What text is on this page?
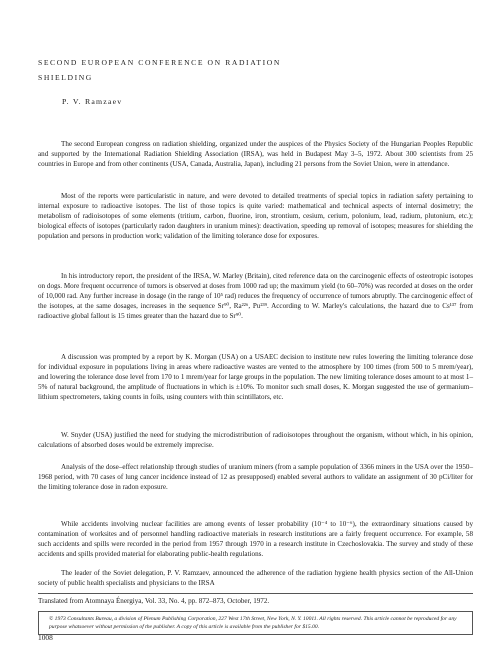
SECOND EUROPEAN CONFERENCE ON RADIATION
SHIELDING
P. V. Ramzaev

The second European congress on radiation shielding, organized under the auspices of the Physics Society of the Hungarian Peoples Republic and supported by the International Radiation Shielding Association (IRSA), was held in Budapest May 3–5, 1972. About 300 scientists from 25 countries in Europe and from other continents (USA, Canada, Australia, Japan), including 21 persons from the Soviet Union, were in attendance.

Most of the reports were particularistic in nature, and were devoted to detailed treatments of special topics in radiation safety pertaining to internal exposure to radioactive isotopes. The list of those topics is quite varied: mathematical and technical aspects of internal dosimetry; the metabolism of radioisotopes of some elements (tritium, carbon, fluorine, iron, strontium, cesium, cerium, polonium, lead, radium, plutonium, etc.); biological effects of isotopes (particularly radon daughters in uranium mines): deactivation, speeding up removal of isotopes; measures for shielding the population and persons in production work; validation of the limiting tolerance dose for exposures.

In his introductory report, the president of the IRSA, W. Marley (Britain), cited reference data on the carcinogenic effects of osteotropic isotopes on dogs. More frequent occurrence of tumors is observed at doses from 1000 rad up; the maximum yield (to 60–70%) was recorded at doses on the order of 10,000 rad. Any further increase in dosage (in the range of 10⁵ rad) reduces the frequency of occurrence of tumors abruptly. The carcinogenic effect of the isotopes, at the same dosages, increases in the sequence Sr⁹⁰, Ra²²⁶, Pu²³⁹. According to W. Marley's calculations, the hazard due to Cs¹³⁷ from radioactive global fallout is 15 times greater than the hazard due to Sr⁹⁰.

A discussion was prompted by a report by K. Morgan (USA) on a USAEC decision to institute new rules lowering the limiting tolerance dose for individual exposure in populations living in areas where radioactive wastes are vented to the atmosphere by 100 times (from 500 to 5 mrem/year), and lowering the tolerance dose level from 170 to 1 mrem/year for large groups in the population. The new limiting tolerance doses amount to at most 1–5% of natural background, the amplitude of fluctuations in which is ±10%. To monitor such small doses, K. Morgan suggested the use of germanium–lithium spectrometers, taking counts in foils, using counters with thin scintillators, etc.

W. Snyder (USA) justified the need for studying the microdistribution of radioisotopes throughout the organism, without which, in his opinion, calculations of absorbed doses would be extremely imprecise.

Analysis of the dose–effect relationship through studies of uranium miners (from a sample population of 3366 miners in the USA over the 1950–1968 period, with 70 cases of lung cancer incidence instead of 12 as presupposed) enabled several authors to validate an assignment of 30 pCi/liter for the limiting tolerance dose in radon exposure.

While accidents involving nuclear facilities are among events of lesser probability (10⁻⁴ to 10⁻⁶), the extraordinary situations caused by contamination of worksites and of personnel handling radioactive materials in research institutions are a fairly frequent occurrence. For example, 58 such accidents and spills were recorded in the period from 1957 through 1970 in a research institute in Czechoslovakia. The survey and study of these accidents and spills provided material for elaborating public-health regulations.

The leader of the Soviet delegation, P. V. Ramzaev, announced the adherence of the radiation hygiene health physics section of the All-Union society of public health specialists and physicians to the IRSA

Translated from Atomnaya Énergiya, Vol. 33, No. 4, pp. 872–873, October, 1972.
© 1973 Consultants Bureau, a division of Plenum Publishing Corporation, 227 West 17th Street, New York, N. Y. 10011. All rights reserved. This article cannot be reproduced for any purpose whatsoever without permission of the publisher. A copy of this article is available from the publisher for $15.00.
1008
